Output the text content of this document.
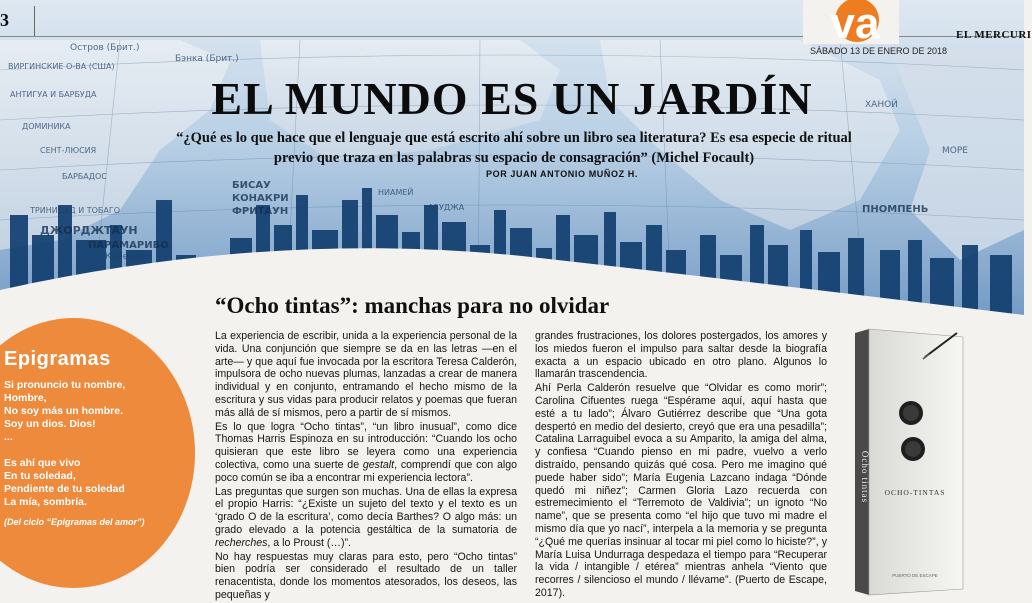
Остров (Брит.)
Бэнка (Брит.)
ВИРГИНСКИЕ О-ВА (США)
АНТИГУА И БАРБУДА
ДОМИНИКА
СЕНТ-ЛЮСИЯ
БАРБАДОС
ТРИНИДАД И ТОБАГО
ДЖОРДЖТАУН
ПАРАМАРИБО
Кайенна
БИСАУ
КОНАКРИ
ФРИТАУН
НИАМЕЙ
АБУДЖА	ПНОМПЕНЬ
МОРЕ
ХАНОЙ
3	va	EL MERCURI
SÁBADO 13 DE ENERO DE 2018
EL MUNDO ES UN JARDÍN
“¿Qué es lo que hace que el lenguaje que está escrito ahí sobre un libro sea literatura? Es esa especie de ritual
previo que traza en las palabras su espacio de consagración” (Michel Focault)
POR JUAN ANTONIO MUÑOZ H.
“Ocho tintas”: manchas para no olvidar
Epigramas
Si pronuncio tu nombre,
Hombre,
No soy más un hombre.
Soy un dios. Dios!
...
Es ahí que vivo
En tu soledad,
Pendiente de tu soledad
La mía, sombría.
(Del ciclo “Epigramas del amor”)

La experiencia de escribir, unida a la experiencia personal de la vida. Una conjunción que siempre se da en las letras —en el arte— y que aquí fue invocada por la escritora Teresa Calderón, impulsora de ocho nuevas plumas, lanzadas a crear de manera individual y en conjunto, entramando el hecho mismo de la escritura y sus vidas para producir relatos y poemas que fueran más allá de sí mismos, pero a partir de sí mismos.

Es lo que logra “Ocho tintas”, “un libro inusual”, como dice Thomas Harris Espinoza en su introducción: “Cuando los ocho quisieran que este libro se leyera como una experiencia colectiva, como una suerte de gestalt, comprendí que con algo poco común se iba a encontrar mi experiencia lectora”.

Las preguntas que surgen son muchas. Una de ellas la expresa el propio Harris: “¿Existe un sujeto del texto y el texto es un ‘grado O de la escritura’, como decía Barthes? O algo más: un grado elevado a la potencia gestáltica de la sumatoria de recherches, a lo Proust (…)”.

No hay respuestas muy claras para esto, pero “Ocho tintas” bien podría ser considerado el resultado de un taller renacentista, donde los momentos atesorados, los deseos, las pequeñas y

grandes frustraciones, los dolores postergados, los amores y los miedos fueron el impulso para saltar desde la biografía exacta a un espacio ubicado en otro plano. Algunos lo llamarán trascendencia.

Ahí Perla Calderón resuelve que “Olvidar es como morir”; Carolina Cifuentes ruega “Espérame aquí, aquí hasta que esté a tu lado”; Álvaro Gutiérrez describe que “Una gota despertó en medio del desierto, creyó que era una pesadilla”; Catalina Larraguibel evoca a su Amparito, la amiga del alma, y confiesa “Cuando pienso en mi padre, vuelvo a verlo distraído, pensando quizás qué cosa. Pero me imagino qué puede haber sido”; María Eugenia Lazcano indaga “Dónde quedó mi niñez”; Carmen Gloria Lazo recuerda con estremecimiento el “Terremoto de Valdivia”; un ignoto “No name”, que se presenta como “el hijo que tuvo mi madre el mismo día que yo nací”, interpela a la memoria y se pregunta “¿Qué me querías insinuar al tocar mi piel como lo hiciste?”, y María Luisa Undurraga despedaza el tiempo para “Recuperar la vida / intangible / etérea” mientras anhela “Viento que recorres / silencioso el mundo / llévame”. (Puerto de Escape, 2017).

Ocho tintas OCHO-TINTAS
PUERTO DE ESCAPE
